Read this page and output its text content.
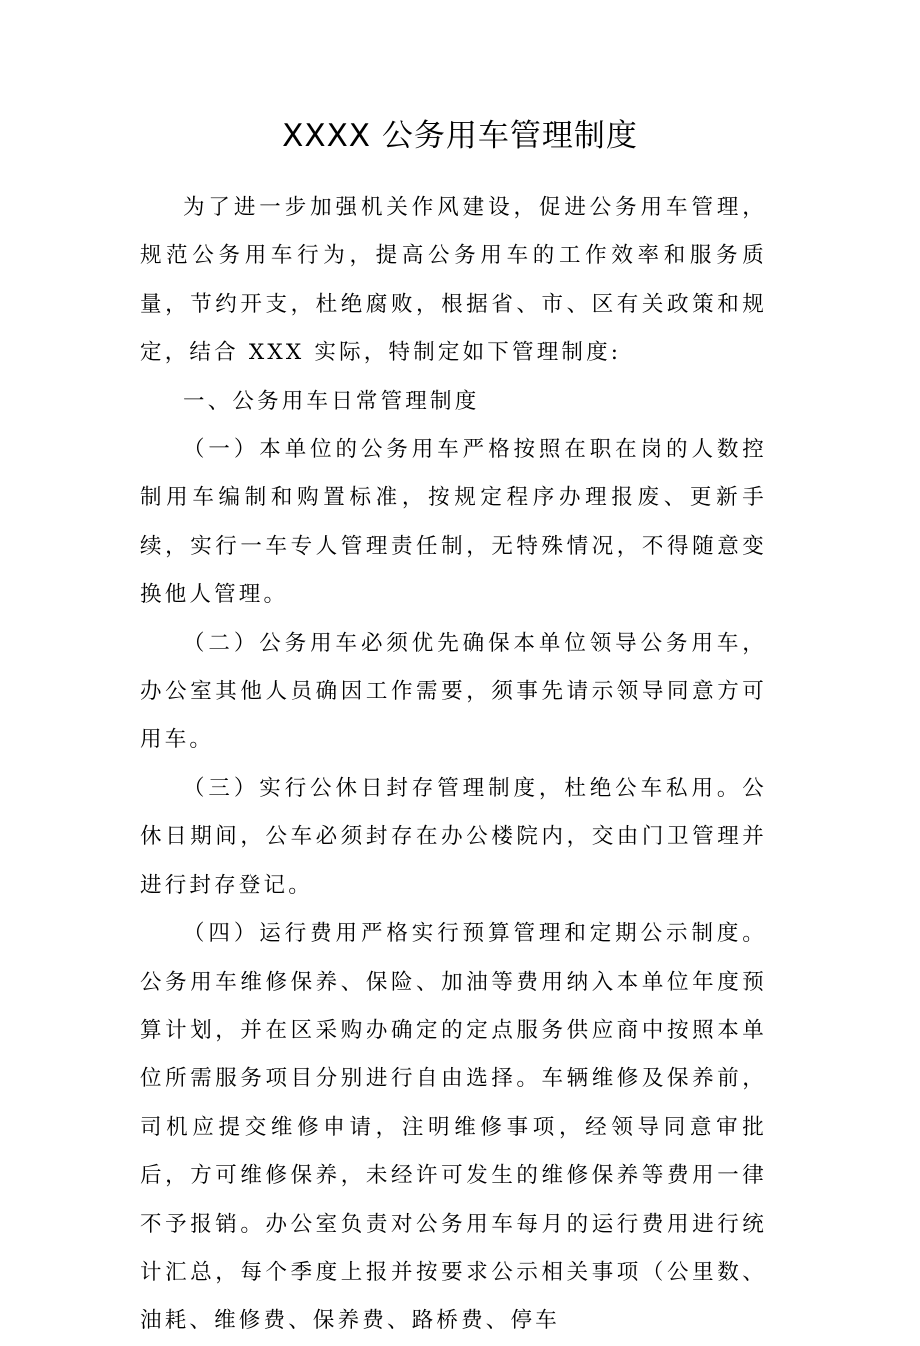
XXXX 公务用车管理制度

为了进一步加强机关作风建设，促进公务用车管理，规范公务用车行为，提高公务用车的工作效率和服务质量，节约开支，杜绝腐败，根据省、市、区有关政策和规定，结合 XXX 实际，特制定如下管理制度:

一、公务用车日常管理制度

（一）本单位的公务用车严格按照在职在岗的人数控制用车编制和购置标准，按规定程序办理报废、更新手续，实行一车专人管理责任制，无特殊情况，不得随意变换他人管理。

（二）公务用车必须优先确保本单位领导公务用车，办公室其他人员确因工作需要，须事先请示领导同意方可用车。

（三）实行公休日封存管理制度，杜绝公车私用。公休日期间，公车必须封存在办公楼院内，交由门卫管理并进行封存登记。

（四）运行费用严格实行预算管理和定期公示制度。公务用车维修保养、保险、加油等费用纳入本单位年度预算计划，并在区采购办确定的定点服务供应商中按照本单位所需服务项目分别进行自由选择。车辆维修及保养前，司机应提交维修申请，注明维修事项，经领导同意审批后，方可维修保养，未经许可发生的维修保养等费用一律不予报销。办公室负责对公务用车每月的运行费用进行统计汇总，每个季度上报并按要求公示相关事项（公里数、油耗、维修费、保养费、路桥费、停车
